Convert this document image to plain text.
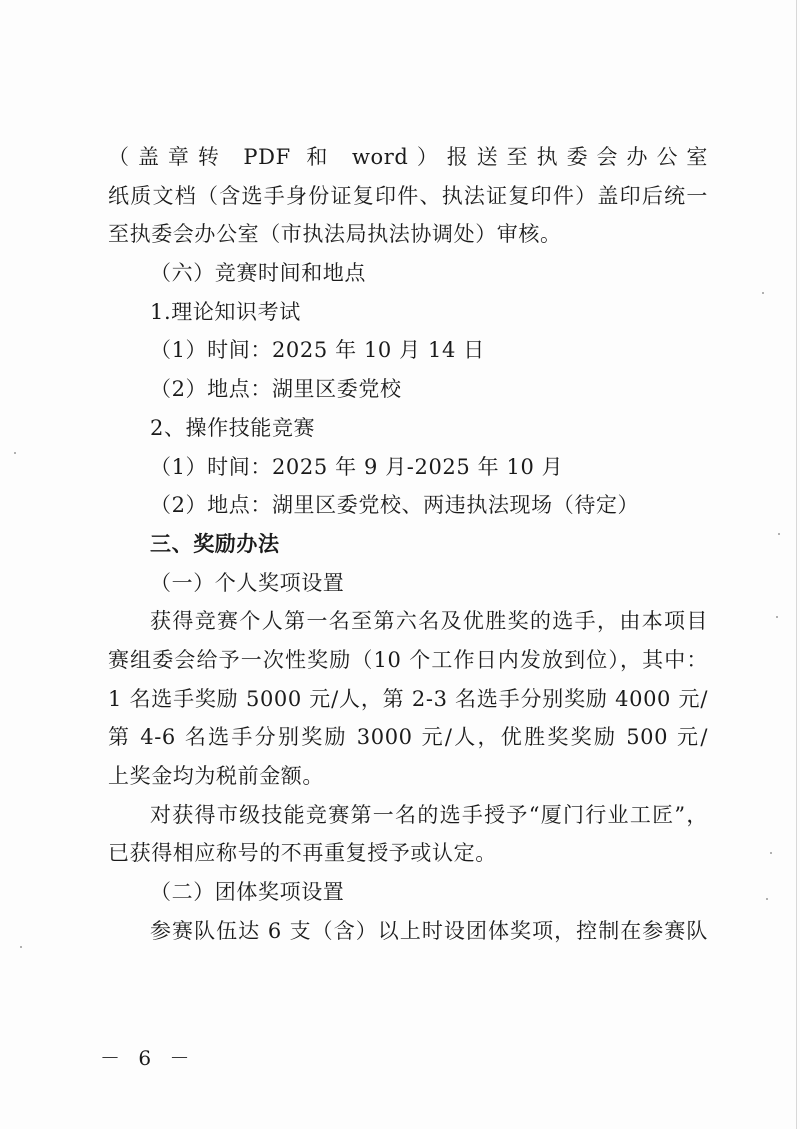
（盖章转 PDF 和 word）报送至执委会办公室
纸质文档（含选手身份证复印件、执法证复印件）盖印后统一
至执委会办公室（市执法局执法协调处）审核。
（六）竞赛时间和地点
1.理论知识考试
（1）时间：2025 年 10 月 14 日
（2）地点：湖里区委党校
2、操作技能竞赛
（1）时间：2025 年 9 月-2025 年 10 月
（2）地点：湖里区委党校、两违执法现场（待定）
三、奖励办法
（一）个人奖项设置
获得竞赛个人第一名至第六名及优胜奖的选手，由本项目
赛组委会给予一次性奖励（10 个工作日内发放到位），其中：
1 名选手奖励 5000 元/人，第 2-3 名选手分别奖励 4000 元/
第 4-6 名选手分别奖励 3000 元/人，优胜奖奖励 500 元/
上奖金均为税前金额。
对获得市级技能竞赛第一名的选手授予“厦门行业工匠”，
已获得相应称号的不再重复授予或认定。
（二）团体奖项设置
参赛队伍达 6 支（含）以上时设团体奖项，控制在参赛队
－ 6 －
